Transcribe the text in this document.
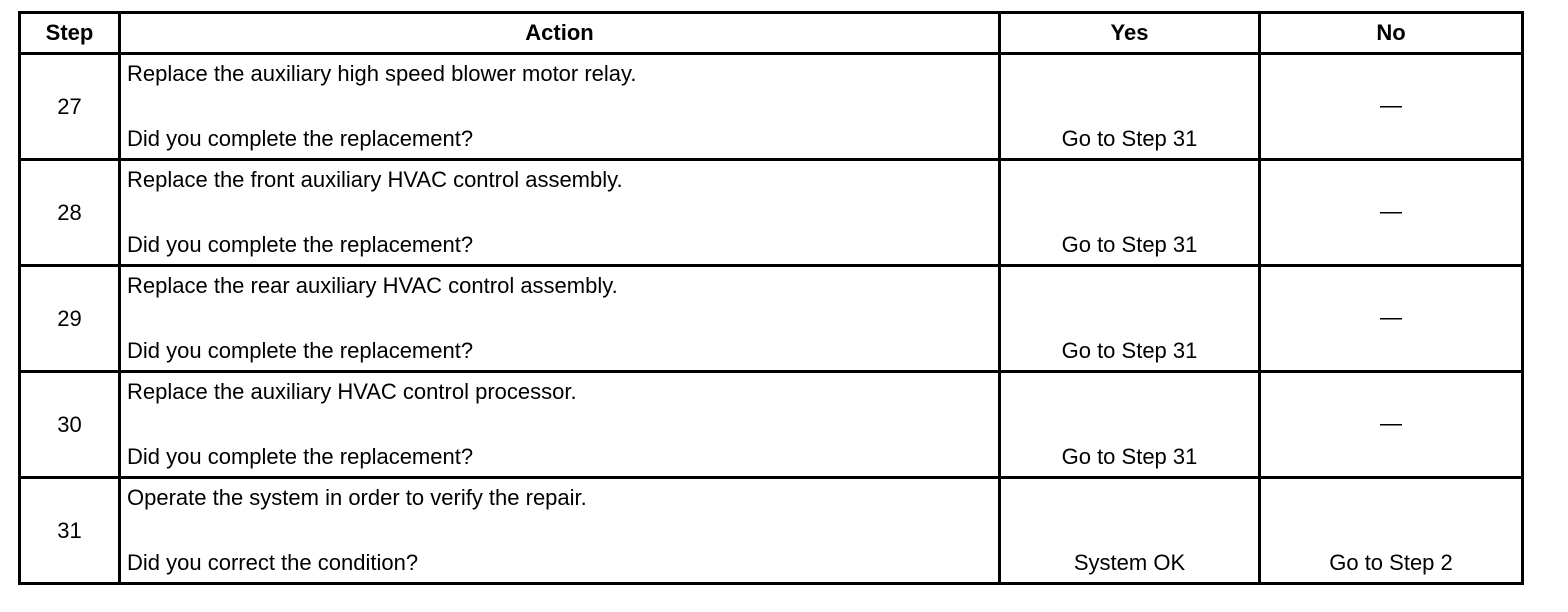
Step	Action	Yes	No
27	Replace the auxiliary high speed blower motor relay.
Did you complete the replacement?	Go to Step 31	—

28	Replace the front auxiliary HVAC control assembly.
Did you complete the replacement?	Go to Step 31	—

29	Replace the rear auxiliary HVAC control assembly.
Did you complete the replacement?	Go to Step 31	—

30	Replace the auxiliary HVAC control processor.
Did you complete the replacement?	Go to Step 31	—

31	Operate the system in order to verify the repair.
Did you correct the condition?	System OK	Go to Step 2
